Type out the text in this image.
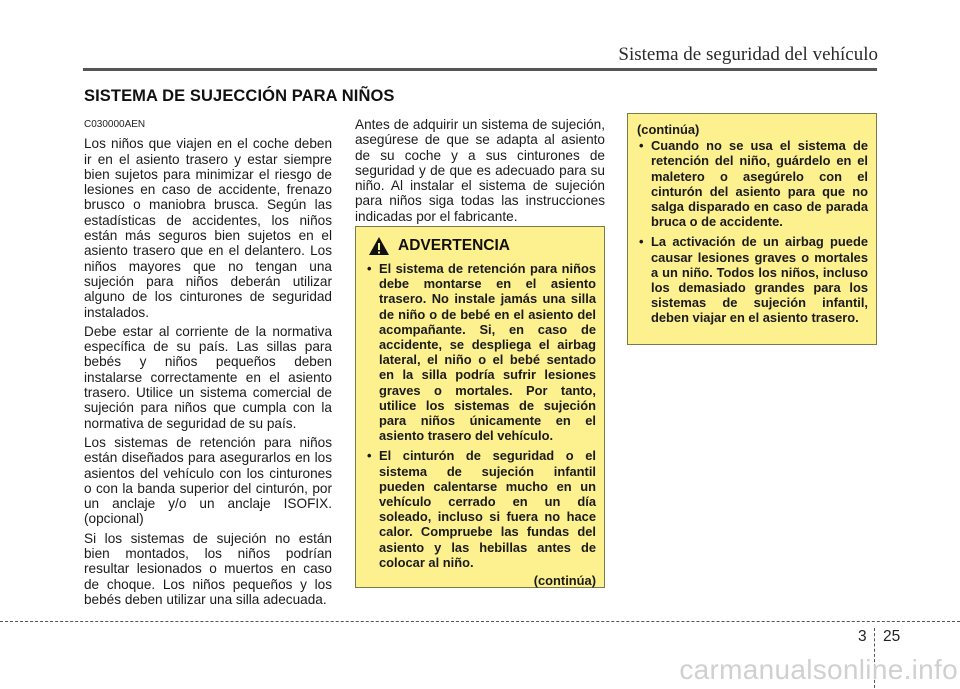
Sistema de seguridad del vehículo
SISTEMA DE SUJECCIÓN PARA NIÑOS
C030000AEN

Los niños que viajen en el coche deben ir en el asiento trasero y estar siempre bien sujetos para minimizar el riesgo de lesiones en caso de accidente, frenazo brusco o maniobra brusca. Según las estadísticas de accidentes, los niños están más seguros bien sujetos en el asiento trasero que en el delantero. Los niños mayores que no tengan una sujeción para niños deberán utilizar alguno de los cinturones de seguridad instalados.

Debe estar al corriente de la normativa específica de su país. Las sillas para bebés y niños pequeños deben instalarse correctamente en el asiento trasero. Utilice un sistema comercial de sujeción para niños que cumpla con la normativa de seguridad de su país.

Los sistemas de retención para niños están diseñados para asegurarlos en los asientos del vehículo con los cinturones o con la banda superior del cinturón, por un anclaje y/o un anclaje ISOFIX. (opcional)

Si los sistemas de sujeción no están bien montados, los niños podrían resultar lesionados o muertos en caso de choque. Los niños pequeños y los bebés deben utilizar una silla adecuada.

Antes de adquirir un sistema de sujeción, asegúrese de que se adapta al asiento de su coche y a sus cinturones de seguridad y de que es adecuado para su niño. Al instalar el sistema de sujeción para niños siga todas las instrucciones indicadas por el fabricante.

ADVERTENCIA
• El sistema de retención para niños debe montarse en el asiento trasero. No instale jamás una silla de niño o de bebé en el asiento del acompañante. Si, en caso de accidente, se despliega el airbag lateral, el niño o el bebé sentado en la silla podría sufrir lesiones graves o mortales. Por tanto, utilice los sistemas de sujeción para niños únicamente en el asiento trasero del vehículo.
• El cinturón de seguridad o el sistema de sujeción infantil pueden calentarse mucho en un vehículo cerrado en un día soleado, incluso si fuera no hace calor. Compruebe las fundas del asiento y las hebillas antes de colocar al niño.
(continúa)
(continúa)
• Cuando no se usa el sistema de retención del niño, guárdelo en el maletero o asegúrelo con el cinturón del asiento para que no salga disparado en caso de parada bruca o de accidente.
• La activación de un airbag puede causar lesiones graves o mortales a un niño. Todos los niños, incluso los demasiado grandes para los sistemas de sujeción infantil, deben viajar en el asiento trasero.
3 25
carmanualsonline.info
